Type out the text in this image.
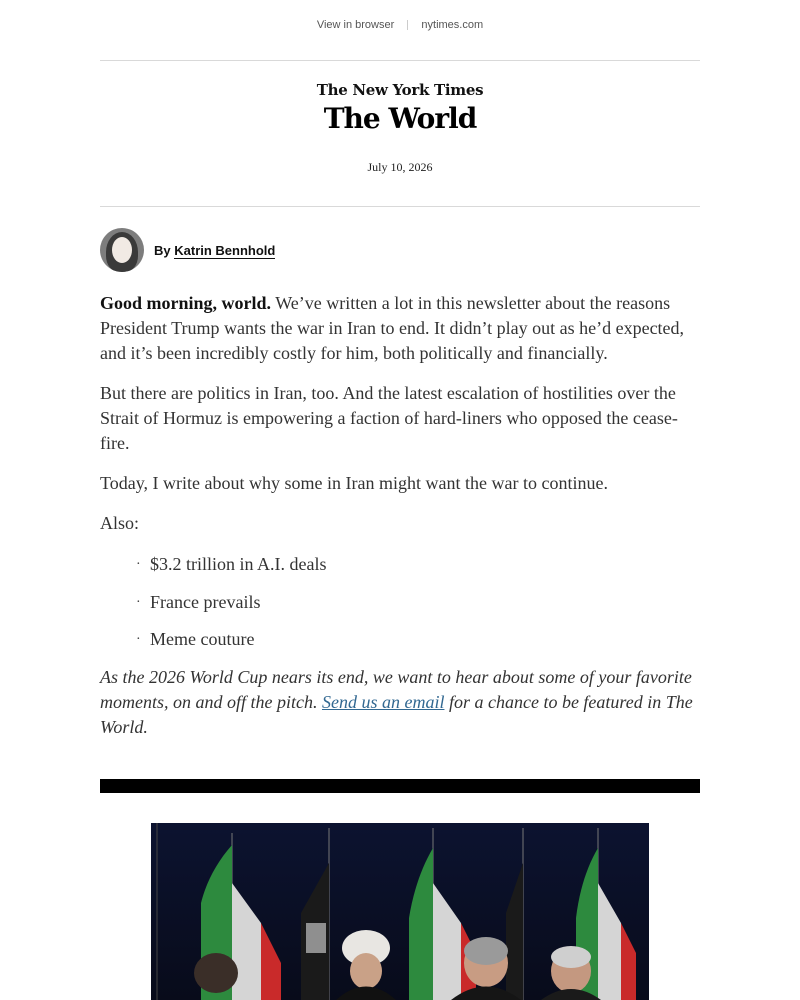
View in browser nytimes.com
The New York Times
The World
July 10, 2026
By Katrin Bennhold

Good morning, world. We’ve written a lot in this newsletter about the reasons President Trump wants the war in Iran to end. It didn’t play out as he’d expected, and it’s been incredibly costly for him, both politically and financially.

But there are politics in Iran, too. And the latest escalation of hostilities over the Strait of Hormuz is empowering a faction of hard-liners who opposed the cease-fire.

Today, I write about why some in Iran might want the war to continue.

Also:

· $3.2 trillion in A.I. deals
· France prevails
· Meme couture

As the 2026 World Cup nears its end, we want to hear about some of your favorite moments, on and off the pitch. Send us an email for a chance to be featured in The World.
